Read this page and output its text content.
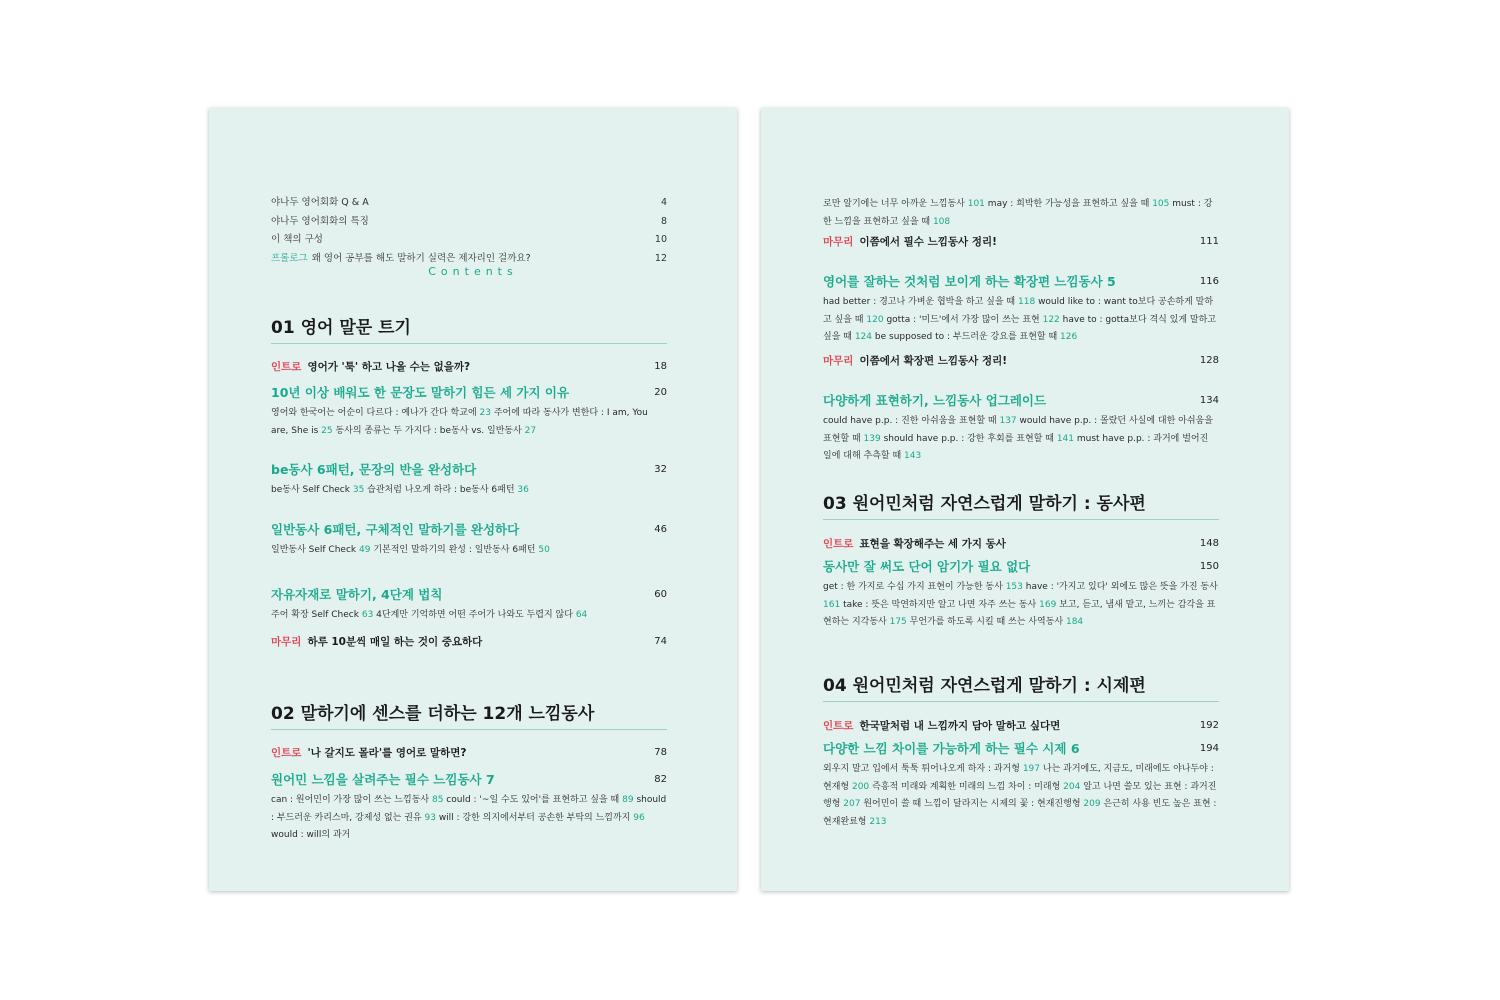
Contents
야나두 영어회화 Q & A	4
야나두 영어회화의 특징	8
이 책의 구성	10
프롤로그 왜 영어 공부를 해도 말하기 실력은 제자리인 걸까요?	12
01 영어 말문 트기
인트로 영어가 '툭' 하고 나올 수는 없을까?	18
10년 이상 배워도 한 문장도 말하기 힘든 세 가지 이유	20
영어와 한국어는 어순이 다르다 : 예나가 간다 학교에 23 주어에 따라 동사가 변한다 : I am, You are, She is 25 동사의 종류는 두 가지다 : be동사 vs. 일반동사 27
be동사 6패턴, 문장의 반을 완성하다	32
be동사 Self Check 35 습관처럼 나오게 하라 : be동사 6패턴 36
일반동사 6패턴, 구체적인 말하기를 완성하다	46
일반동사 Self Check 49 기본적인 말하기의 완성 : 일반동사 6패턴 50
자유자재로 말하기, 4단계 법칙	60
주어 확장 Self Check 63 4단계만 기억하면 어떤 주어가 나와도 두렵지 않다 64
마무리 하루 10분씩 매일 하는 것이 중요하다	74
02 말하기에 센스를 더하는 12개 느낌동사
인트로 '나 갈지도 몰라'를 영어로 말하면?	78
원어민 느낌을 살려주는 필수 느낌동사 7	82
can : 원어민이 가장 많이 쓰는 느낌동사 85 could : '~일 수도 있어'를 표현하고 싶을 때 89 should : 부드러운 카리스마, 강제성 없는 권유 93 will : 강한 의지에서부터 공손한 부탁의 느낌까지 96 would : will의 과거
로만 알기에는 너무 아까운 느낌동사 101 may : 희박한 가능성을 표현하고 싶을 때 105 must : 강한 느낌을 표현하고 싶을 때 108
마무리 이쯤에서 필수 느낌동사 정리!	111
영어를 잘하는 것처럼 보이게 하는 확장편 느낌동사 5	116
had better : 경고나 가벼운 협박을 하고 싶을 때 118 would like to : want to보다 공손하게 말하고 싶을 때 120 gotta : '미드'에서 가장 많이 쓰는 표현 122 have to : gotta보다 격식 있게 말하고 싶을 때 124 be supposed to : 부드러운 강요를 표현할 때 126
마무리 이쯤에서 확장편 느낌동사 정리!	128
다양하게 표현하기, 느낌동사 업그레이드	134
could have p.p. : 진한 아쉬움을 표현할 때 137 would have p.p. : 몰랐던 사실에 대한 아쉬움을 표현할 때 139 should have p.p. : 강한 후회를 표현할 때 141 must have p.p. : 과거에 벌어진 일에 대해 추측할 때 143
03 원어민처럼 자연스럽게 말하기 : 동사편
인트로 표현을 확장해주는 세 가지 동사	148
동사만 잘 써도 단어 암기가 필요 없다	150
get : 한 가지로 수십 가지 표현이 가능한 동사 153 have : '가지고 있다' 외에도 많은 뜻을 가진 동사 161 take : 뜻은 막연하지만 알고 나면 자주 쓰는 동사 169 보고, 듣고, 냄새 맡고, 느끼는 감각을 표현하는 지각동사 175 무언가를 하도록 시킬 때 쓰는 사역동사 184
04 원어민처럼 자연스럽게 말하기 : 시제편
인트로 한국말처럼 내 느낌까지 담아 말하고 싶다면	192
다양한 느낌 차이를 가능하게 하는 필수 시제 6	194
외우지 말고 입에서 툭툭 튀어나오게 하자 : 과거형 197 나는 과거에도, 지금도, 미래에도 야나두야 : 현재형 200 즉흥적 미래와 계획한 미래의 느낌 차이 : 미래형 204 알고 나면 쓸모 있는 표현 : 과거진행형 207 원어민이 쓸 때 느낌이 달라지는 시제의 꽃 : 현재진행형 209 은근히 사용 빈도 높은 표현 : 현재완료형 213
